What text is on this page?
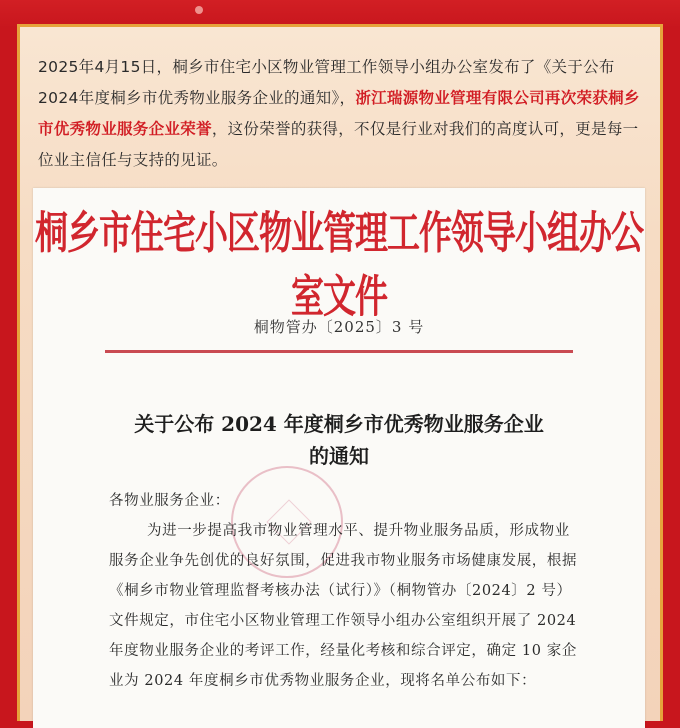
2025年4月15日，桐乡市住宅小区物业管理工作领导小组办公室发布了《关于公布2024年度桐乡市优秀物业服务企业的通知》，浙江瑞源物业管理有限公司再次荣获桐乡市优秀物业服务企业荣誉，这份荣誉的获得，不仅是行业对我们的高度认可，更是每一位业主信任与支持的见证。
桐乡市住宅小区物业管理工作领导小组办公室文件
桐物管办〔2025〕3 号
关于公布 2024 年度桐乡市优秀物业服务企业
的通知

各物业服务企业：

为进一步提高我市物业管理水平、提升物业服务品质，形成物业服务企业争先创优的良好氛围，促进我市物业服务市场健康发展，根据《桐乡市物业管理监督考核办法（试行）》（桐物管办〔2024〕2 号）文件规定，市住宅小区物业管理工作领导小组办公室组织开展了 2024 年度物业服务企业的考评工作，经量化考核和综合评定，确定 10 家企业为 2024 年度桐乡市优秀物业服务企业，现将名单公布如下：
